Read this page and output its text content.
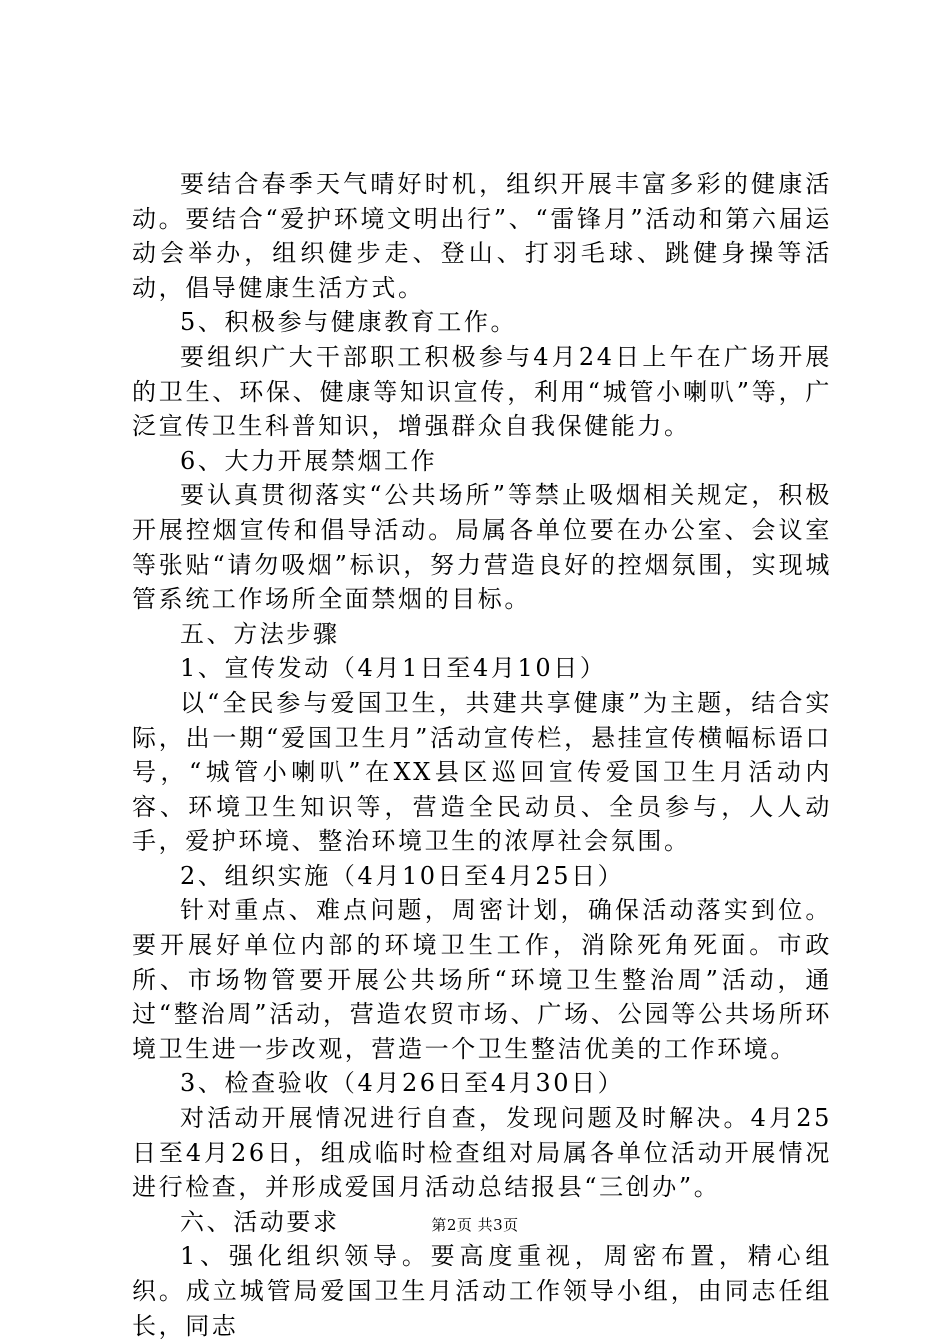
要结合春季天气晴好时机，组织开展丰富多彩的健康活动。要结合“爱护环境文明出行”、“雷锋月”活动和第六届运动会举办，组织健步走、登山、打羽毛球、跳健身操等活动，倡导健康生活方式。

5、积极参与健康教育工作。

要组织广大干部职工积极参与4月24日上午在广场开展的卫生、环保、健康等知识宣传，利用“城管小喇叭”等，广泛宣传卫生科普知识，增强群众自我保健能力。

6、大力开展禁烟工作

要认真贯彻落实“公共场所”等禁止吸烟相关规定，积极开展控烟宣传和倡导活动。局属各单位要在办公室、会议室等张贴“请勿吸烟”标识，努力营造良好的控烟氛围，实现城管系统工作场所全面禁烟的目标。

五、方法步骤

1、宣传发动（4月1日至4月10日）

以“全民参与爱国卫生，共建共享健康”为主题，结合实际，出一期“爱国卫生月”活动宣传栏，悬挂宣传横幅标语口号，“城管小喇叭”在XX县区巡回宣传爱国卫生月活动内容、环境卫生知识等，营造全民动员、全员参与，人人动手，爱护环境、整治环境卫生的浓厚社会氛围。

2、组织实施（4月10日至4月25日）

针对重点、难点问题，周密计划，确保活动落实到位。要开展好单位内部的环境卫生工作，消除死角死面。市政所、市场物管要开展公共场所“环境卫生整治周”活动，通过“整治周”活动，营造农贸市场、广场、公园等公共场所环境卫生进一步改观，营造一个卫生整洁优美的工作环境。

3、检查验收（4月26日至4月30日）

对活动开展情况进行自查，发现问题及时解决。4月25日至4月26日，组成临时检查组对局属各单位活动开展情况进行检查，并形成爱国月活动总结报县“三创办”。

六、活动要求

1、强化组织领导。要高度重视，周密布置，精心组织。成立城管局爱国卫生月活动工作领导小组，由同志任组长，同志

第2页 共3页
